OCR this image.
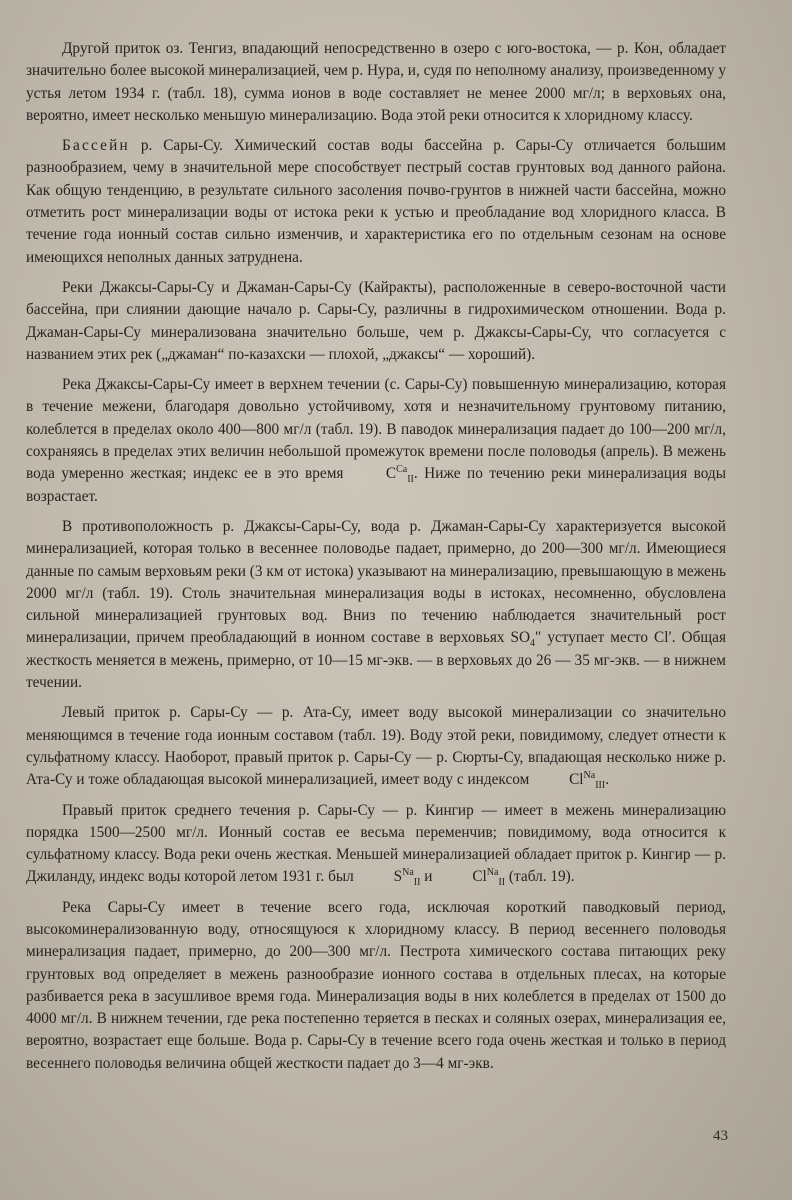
Другой приток оз. Тенгиз, впадающий непосредственно в озеро с юго-востока, — р. Кон, обладает значительно более высокой минерализацией, чем р. Нура, и, судя по неполному анализу, произведенному у устья летом 1934 г. (табл. 18), сумма ионов в воде составляет не менее 2000 мг/л; в верховьях она, вероятно, имеет несколько меньшую минерализацию. Вода этой реки относится к хлоридному классу.

Бассейн р. Сары-Су. Химический состав воды бассейна р. Сары-Су отличается большим разнообразием, чему в значительной мере способствует пестрый состав грунтовых вод данного района. Как общую тенденцию, в результате сильного засоления почво-грунтов в нижней части бассейна, можно отметить рост минерализации воды от истока реки к устью и преобладание вод хлоридного класса. В течение года ионный состав сильно изменчив, и характеристика его по отдельным сезонам на основе имеющихся неполных данных затруднена.

Реки Джаксы-Сары-Су и Джаман-Сары-Су (Кайракты), расположенные в северо-восточной части бассейна, при слиянии дающие начало р. Сары-Су, различны в гидрохимическом отношении. Вода р. Джаман-Сары-Су минерализована значительно больше, чем р. Джаксы-Сары-Су, что согласуется с названием этих рек („джаман“ по-казахски — плохой, „джаксы“ — хороший).

Река Джаксы-Сары-Су имеет в верхнем течении (с. Сары-Су) повышенную минерализацию, которая в течение межени, благодаря довольно устойчивому, хотя и незначительному грунтовому питанию, колеблется в пределах около 400—800 мг/л (табл. 19). В паводок минерализация падает до 100—200 мг/л, сохраняясь в пределах этих величин небольшой промежуток времени после половодья (апрель). В межень вода умеренно жесткая; индекс ее в это время $C^{Ca}_{II}$. Ниже по течению реки минерализация воды возрастает.

В противоположность р. Джаксы-Сары-Су, вода р. Джаман-Сары-Су характеризуется высокой минерализацией, которая только в весеннее половодье падает, примерно, до 200—300 мг/л. Имеющиеся данные по самым верховьям реки (3 км от истока) указывают на минерализацию, превышающую в межень 2000 мг/л (табл. 19). Столь значительная минерализация воды в истоках, несомненно, обусловлена сильной минерализацией грунтовых вод. Вниз по течению наблюдается значительный рост минерализации, причем преобладающий в ионном составе в верховьях $SO_4''$ уступает место Cl′. Общая жесткость меняется в межень, примерно, от 10—15 мг-экв. — в верховьях до 26 — 35 мг-экв. — в нижнем течении.

Левый приток р. Сары-Су — р. Ата-Су, имеет воду высокой минерализации со значительно меняющимся в течение года ионным составом (табл. 19). Воду этой реки, повидимому, следует отнести к сульфатному классу. Наоборот, правый приток р. Сары-Су — р. Сюрты-Су, впадающая несколько ниже р. Ата-Су и тоже обладающая высокой минерализацией, имеет воду с индексом $Cl^{Na}_{III}$.

Правый приток среднего течения р. Сары-Су — р. Кингир — имеет в межень минерализацию порядка 1500—2500 мг/л. Ионный состав ее весьма переменчив; повидимому, вода относится к сульфатному классу. Вода реки очень жесткая. Меньшей минерализацией обладает приток р. Кингир — р. Джиланду, индекс воды которой летом 1931 г. был $S^{Na}_{II}$ и $Cl^{Na}_{II}$ (табл. 19).

Река Сары-Су имеет в течение всего года, исключая короткий паводковый период, высокоминерализованную воду, относящуюся к хлоридному классу. В период весеннего половодья минерализация падает, примерно, до 200—300 мг/л. Пестрота химического состава питающих реку грунтовых вод определяет в межень разнообразие ионного состава в отдельных плесах, на которые разбивается река в засушливое время года. Минерализация воды в них колеблется в пределах от 1500 до 4000 мг/л. В нижнем течении, где река постепенно теряется в песках и соляных озерах, минерализация ее, вероятно, возрастает еще больше. Вода р. Сары-Су в течение всего года очень жесткая и только в период весеннего половодья величина общей жесткости падает до 3—4 мг-экв.

43
